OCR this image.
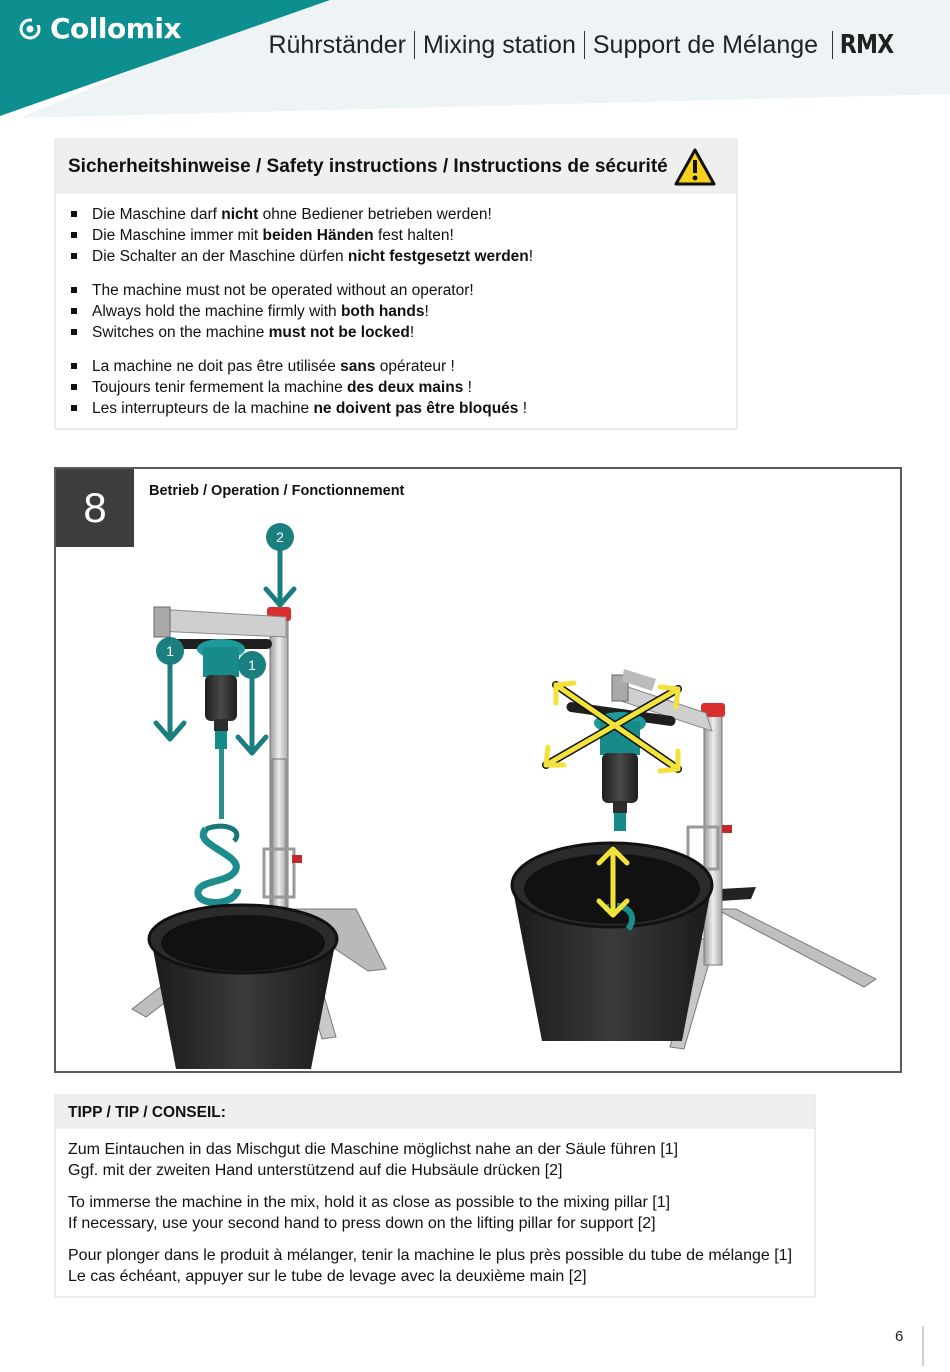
Collomix	Rührständer Mixing station Support de Mélange RMX
Sicherheitshinweise / Safety instructions / Instructions de sécurité
Die Maschine darf nicht ohne Bediener betrieben werden!
Die Maschine immer mit beiden Händen fest halten!
Die Schalter an der Maschine dürfen nicht festgesetzt werden!
The machine must not be operated without an operator!
Always hold the machine firmly with both hands!
Switches on the machine must not be locked!
La machine ne doit pas être utilisée sans opérateur !
Toujours tenir fermement la machine des deux mains !
Les interrupteurs de la machine ne doivent pas être bloqués !
2
1
1
8	Betrieb / Operation / Fonctionnement
TIPP / TIP / CONSEIL:

Zum Eintauchen in das Mischgut die Maschine möglichst nahe an der Säule führen [1]

Ggf. mit der zweiten Hand unterstützend auf die Hubsäule drücken [2]

To immerse the machine in the mix, hold it as close as possible to the mixing pillar [1]

If necessary, use your second hand to press down on the lifting pillar for support [2]

Pour plonger dans le produit à mélanger, tenir la machine le plus près possible du tube de mélange [1]

Le cas échéant, appuyer sur le tube de levage avec la deuxième main [2]

6
